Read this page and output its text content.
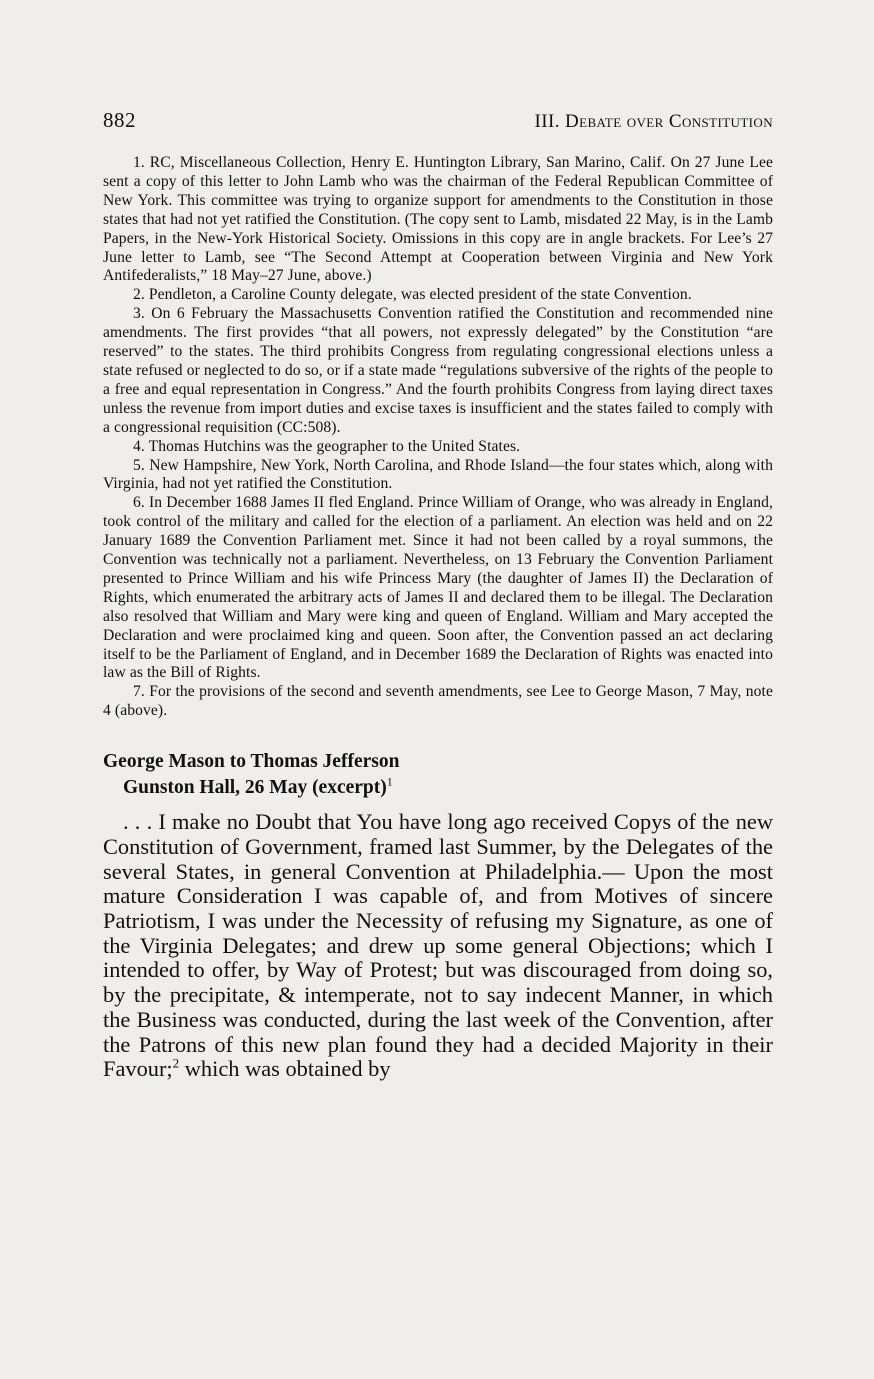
882	III. Debate over Constitution

1. RC, Miscellaneous Collection, Henry E. Huntington Library, San Marino, Calif. On 27 June Lee sent a copy of this letter to John Lamb who was the chairman of the Federal Republican Committee of New York. This committee was trying to organize support for amendments to the Constitution in those states that had not yet ratified the Constitution. (The copy sent to Lamb, misdated 22 May, is in the Lamb Papers, in the New-York Historical Society. Omissions in this copy are in angle brackets. For Lee’s 27 June letter to Lamb, see “The Second Attempt at Cooperation between Virginia and New York Antifederalists,” 18 May–27 June, above.)

2. Pendleton, a Caroline County delegate, was elected president of the state Convention.

3. On 6 February the Massachusetts Convention ratified the Constitution and recommended nine amendments. The first provides “that all powers, not expressly delegated” by the Constitution “are reserved” to the states. The third prohibits Congress from regulating congressional elections unless a state refused or neglected to do so, or if a state made “regulations subversive of the rights of the people to a free and equal representation in Congress.” And the fourth prohibits Congress from laying direct taxes unless the revenue from import duties and excise taxes is insufficient and the states failed to comply with a congressional requisition (CC:508).

4. Thomas Hutchins was the geographer to the United States.

5. New Hampshire, New York, North Carolina, and Rhode Island—the four states which, along with Virginia, had not yet ratified the Constitution.

6. In December 1688 James II fled England. Prince William of Orange, who was already in England, took control of the military and called for the election of a parliament. An election was held and on 22 January 1689 the Convention Parliament met. Since it had not been called by a royal summons, the Convention was technically not a parliament. Nevertheless, on 13 February the Convention Parliament presented to Prince William and his wife Princess Mary (the daughter of James II) the Declaration of Rights, which enumerated the arbitrary acts of James II and declared them to be illegal. The Declaration also resolved that William and Mary were king and queen of England. William and Mary accepted the Declaration and were proclaimed king and queen. Soon after, the Convention passed an act declaring itself to be the Parliament of England, and in December 1689 the Declaration of Rights was enacted into law as the Bill of Rights.

7. For the provisions of the second and seventh amendments, see Lee to George Mason, 7 May, note 4 (above).

George Mason to Thomas Jefferson
Gunston Hall, 26 May (excerpt)$^1$

. . . I make no Doubt that You have long ago received Copys of the new Constitution of Government, framed last Summer, by the Delegates of the several States, in general Convention at Philadelphia.— Upon the most mature Consideration I was capable of, and from Motives of sincere Patriotism, I was under the Necessity of refusing my Signature, as one of the Virginia Delegates; and drew up some general Objections; which I intended to offer, by Way of Protest; but was discouraged from doing so, by the precipitate, & intemperate, not to say indecent Manner, in which the Business was conducted, during the last week of the Convention, after the Patrons of this new plan found they had a decided Majority in their Favour;$^2$ which was obtained by
